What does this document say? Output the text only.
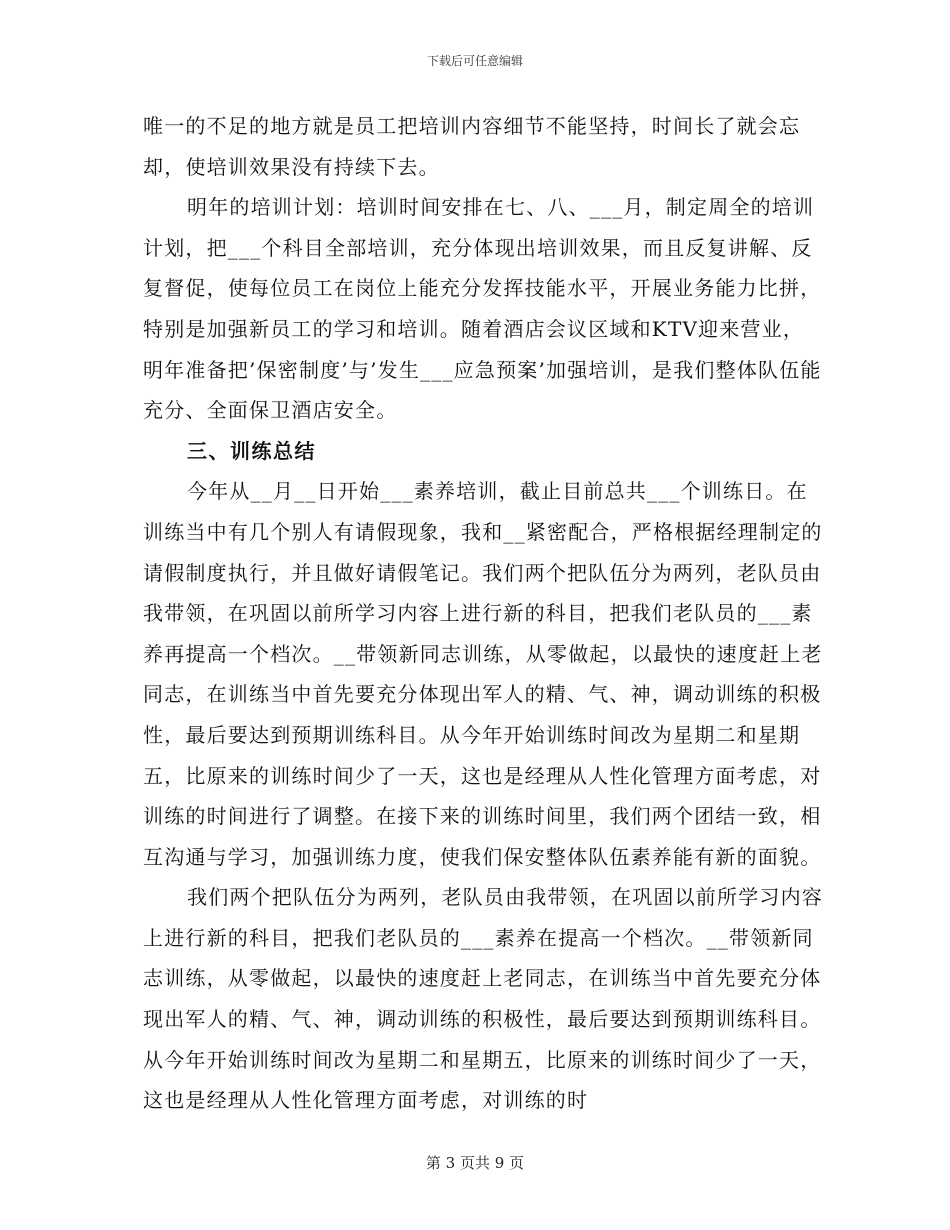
下载后可任意编辑

唯一的不足的地方就是员工把培训内容细节不能坚持，时间长了就会忘却，使培训效果没有持续下去。

明年的培训计划：培训时间安排在七、八、___月，制定周全的培训计划，把___个科目全部培训，充分体现出培训效果，而且反复讲解、反复督促，使每位员工在岗位上能充分发挥技能水平，开展业务能力比拼，特别是加强新员工的学习和培训。随着酒店会议区域和KTV迎来营业，明年准备把’保密制度’与’发生___应急预案’加强培训，是我们整体队伍能充分、全面保卫酒店安全。

三、训练总结

今年从__月__日开始___素养培训，截止目前总共___个训练日。在训练当中有几个别人有请假现象，我和__紧密配合，严格根据经理制定的请假制度执行，并且做好请假笔记。我们两个把队伍分为两列，老队员由我带领，在巩固以前所学习内容上进行新的科目，把我们老队员的___素养再提高一个档次。__带领新同志训练，从零做起，以最快的速度赶上老同志，在训练当中首先要充分体现出军人的精、气、神，调动训练的积极性，最后要达到预期训练科目。从今年开始训练时间改为星期二和星期五，比原来的训练时间少了一天，这也是经理从人性化管理方面考虑，对训练的时间进行了调整。在接下来的训练时间里，我们两个团结一致，相互沟通与学习，加强训练力度，使我们保安整体队伍素养能有新的面貌。

我们两个把队伍分为两列，老队员由我带领，在巩固以前所学习内容上进行新的科目，把我们老队员的___素养在提高一个档次。__带领新同志训练，从零做起，以最快的速度赶上老同志，在训练当中首先要充分体现出军人的精、气、神，调动训练的积极性，最后要达到预期训练科目。从今年开始训练时间改为星期二和星期五，比原来的训练时间少了一天，这也是经理从人性化管理方面考虑，对训练的时

第 3 页共 9 页
